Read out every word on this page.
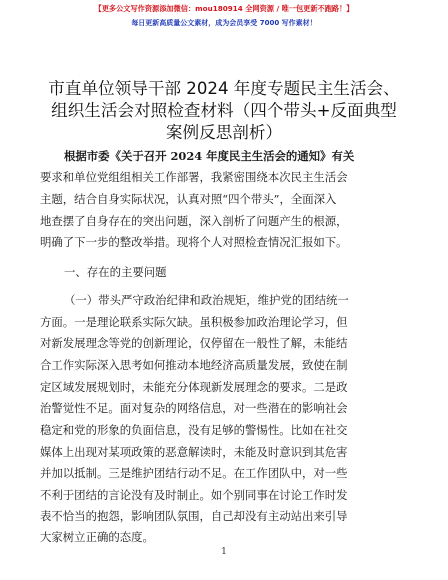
【更多公文写作资源添加微信：mou180914 全网资源 / 唯一包更新不跑路！】
每日更新高质量公文素材，成为会员享受 7000 写作素材！
市直单位领导干部 2024 年度专题民主生活会、
组织生活会对照检查材料（四个带头+反面典型
案例反思剖析）
根据市委《关于召开 2024 年度民主生活会的通知》有关
要求和单位党组组相关工作部署，我紧密围绕本次民主生活会
主题，结合自身实际状况，认真对照“四个带头”，全面深入
地查摆了自身存在的突出问题，深入剖析了问题产生的根源，
明确了下一步的整改举措。现将个人对照检查情况汇报如下。
一、存在的主要问题
（一）带头严守政治纪律和政治规矩，维护党的团结统一
方面。一是理论联系实际欠缺。虽积极参加政治理论学习，但
对新发展理念等党的创新理论，仅停留在一般性了解，未能结
合工作实际深入思考如何推动本地经济高质量发展，致使在制
定区域发展规划时，未能充分体现新发展理念的要求。二是政
治警觉性不足。面对复杂的网络信息，对一些潜在的影响社会
稳定和党的形象的负面信息，没有足够的警惕性。比如在社交
媒体上出现对某项政策的恶意解读时，未能及时意识到其危害
并加以抵制。三是维护团结行动不足。在工作团队中，对一些
不利于团结的言论没有及时制止。如个别同事在讨论工作时发
表不恰当的抱怨，影响团队氛围，自己却没有主动站出来引导
大家树立正确的态度。
1
